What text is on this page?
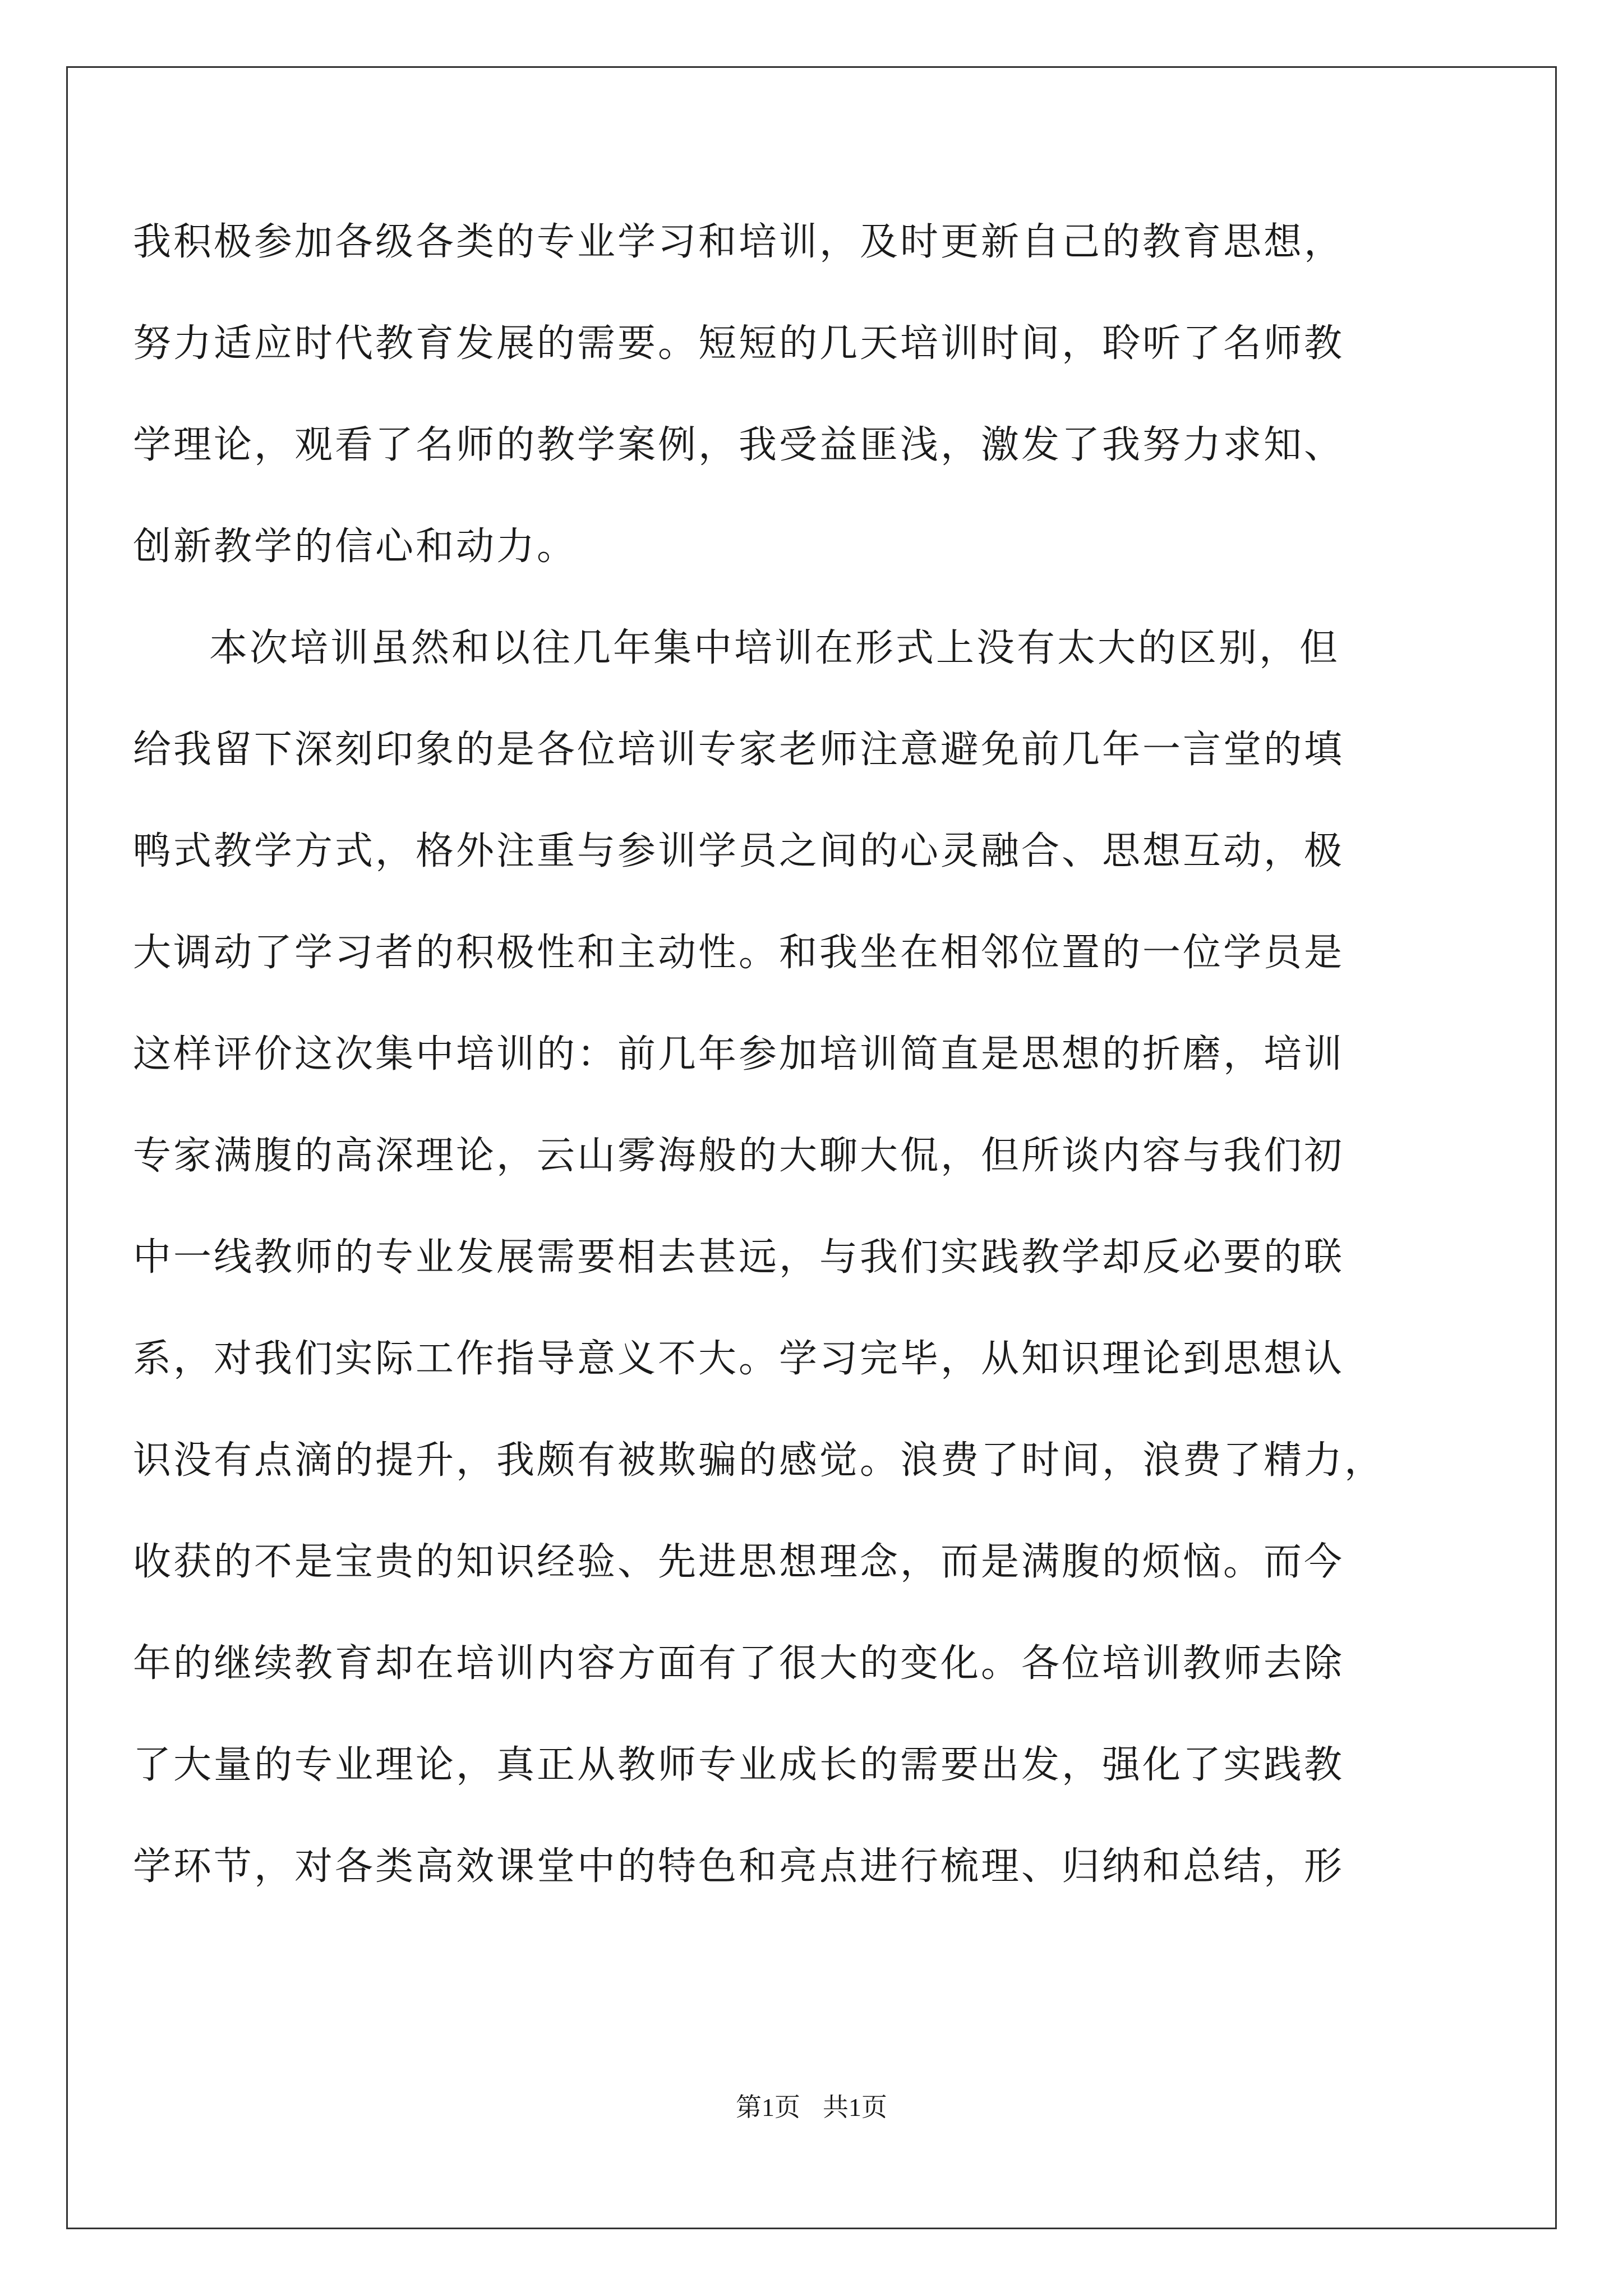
我积极参加各级各类的专业学习和培训，及时更新自己的教育思想，
努力适应时代教育发展的需要。短短的几天培训时间，聆听了名师教
学理论，观看了名师的教学案例，我受益匪浅，激发了我努力求知、
创新教学的信心和动力。
本次培训虽然和以往几年集中培训在形式上没有太大的区别，但
给我留下深刻印象的是各位培训专家老师注意避免前几年一言堂的填
鸭式教学方式，格外注重与参训学员之间的心灵融合、思想互动，极
大调动了学习者的积极性和主动性。和我坐在相邻位置的一位学员是
这样评价这次集中培训的：前几年参加培训简直是思想的折磨，培训
专家满腹的高深理论，云山雾海般的大聊大侃，但所谈内容与我们初
中一线教师的专业发展需要相去甚远，与我们实践教学却反必要的联
系，对我们实际工作指导意义不大。学习完毕，从知识理论到思想认
识没有点滴的提升，我颇有被欺骗的感觉。浪费了时间，浪费了精力，
收获的不是宝贵的知识经验、先进思想理念，而是满腹的烦恼。而今
年的继续教育却在培训内容方面有了很大的变化。各位培训教师去除
了大量的专业理论，真正从教师专业成长的需要出发，强化了实践教
学环节，对各类高效课堂中的特色和亮点进行梳理、归纳和总结，形
第1页 共1页
